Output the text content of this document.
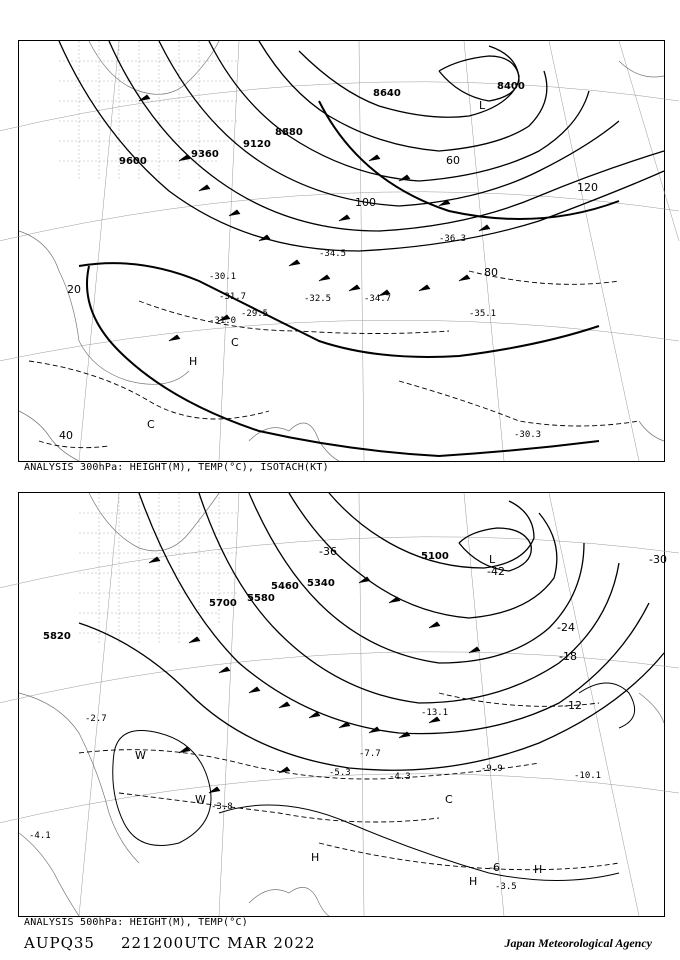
9600
9360
9120
8880
8640
8400
20
40
60
80
100
120
-30.1
-31.7	-32.5
-34.5
-34.7
-35.1
-36.3
-31.0
-29.5
-30.3
L
H
C
C
ANALYSIS 300hPa: HEIGHT(M), TEMP(°C), ISOTACH(KT)
5820
5700 5580
5460 5340
5100
-42
-36
-30
-24
-18
-12
-6
-9.9
-10.1
-13.1
-7.7
-4.3
-3.5
-5.3
-2.7
-3.8
-4.1
L
W
W
H
H
H
C
ANALYSIS 500hPa: HEIGHT(M), TEMP(°C)
AUPQ35 221200UTC MAR 2022	Japan Meteorological Agency
